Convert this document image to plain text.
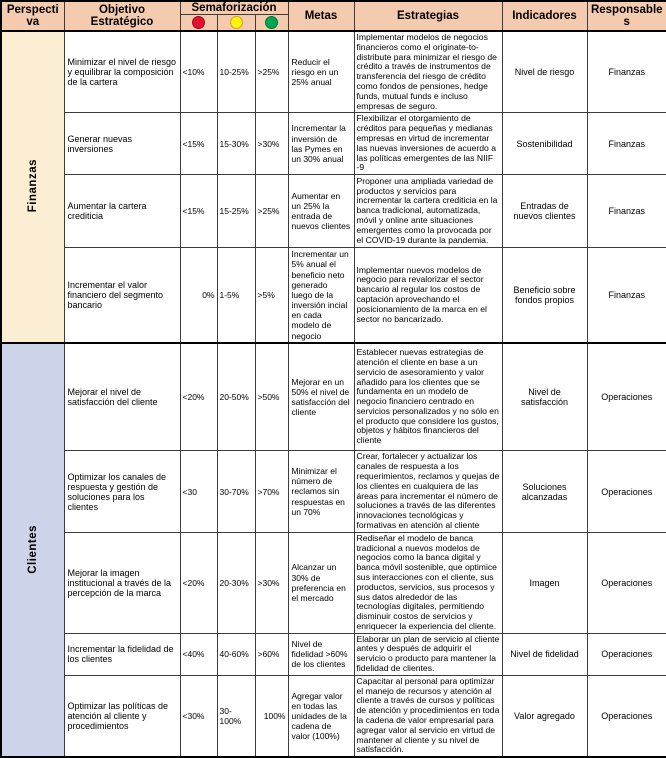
Perspectiva	Objetivo Estratégico	Semaforización			Metas	Estrategias	Indicadores	Responsables

Finanzas	Minimizar el nivel de riesgo y equilibrar la composición de la cartera	<10%	10-25%	>25%	Reducir el riesgo en un 25% anual	Implementar modelos de negocios financieros como el originate-to-distribute para minimizar el riesgo de crédito a través de instrumentos de transferencia del riesgo de crédito como fondos de pensiones, hedge funds, mutual funds e incluso empresas de seguro.	Nivel de riesgo	Finanzas
	Generar nuevas inversiones	<15%	15-30%	>30%	Incrementar la inversión de las Pymes en un 30% anual	Flexibilizar el otorgamiento de créditos para pequeñas y medianas empresas en virtud de incrementar las nuevas inversiones de acuerdo a las políticas emergentes de las NIIF -9	Sostenibilidad	Finanzas
	Aumentar la cartera crediticia	<15%	15-25%	>25%	Aumentar en un 25% la entrada de nuevos clientes	Proponer una ampliada variedad de productos y servicios para incrementar la cartera crediticia en la banca tradicional, automatizada, móvil y online ante situaciones emergentes como la provocada por el COVID-19 durante la pandemia.	Entradas de nuevos clientes	Finanzas
	Incrementar el valor financiero del segmento bancario	0%	1-5%	>5%	Incrementar un 5% anual el beneficio neto generado luego de la inversión incial en cada modelo de negocio	Implementar nuevos modelos de negocio para revalorizar el sector bancario al regular los costos de captación aprovechando el posicionamiento de la marca en el sector no bancarizado.	Beneficio sobre fondos propios	Finanzas
Clientes	Mejorar el nivel de satisfacción del cliente	<20%	20-50%	>50%	Mejorar en un 50% el nivel de satisfacción del cliente	Establecer nuevas estrategias de atención el cliente en base a un servicio de asesoramiento y valor añadido para los clientes que se fundamenta en un modelo de negocio financiero centrado en servicios personalizados y no sólo en el producto que considere los gustos, objetos y hábitos financieros del cliente	Nivel de satisfacción	Operaciones
	Optimizar los canales de respuesta y gestión de soluciones para los clientes	<30	30-70%	>70%	Minimizar el número de reclamos sin respuestas en un 70%	Crear, fortalecer y actualizar los canales de respuesta a los requerimientos, reclamos y quejas de los clientes en cualquiera de las áreas para incrementar el número de soluciones a través de las diferentes innovaciones tecnológicas y formativas en atención al cliente	Soluciones alcanzadas	Operaciones
	Mejorar la imagen institucional a través de la percepción de la marca	<20%	20-30%	>30%	Alcanzar un 30% de preferencia en el mercado	Rediseñar el modelo de banca tradicional a nuevos modelos de negocios como la banca digital y banca móvil sostenible, que optimice sus interacciones con el cliente, sus productos, servicios, sus procesos y sus datos alrededor de las tecnologías digitales, permitiendo disminuir costos de servicios y enriquecer la experiencia del cliente.	Imagen	Operaciones
	Incrementar la fidelidad de los clientes	<40%	40-60%	>60%	Nivel de fidelidad >60% de los clientes	Elaborar un plan de servicio al cliente antes y después de adquirir el servicio o producto para mantener la fidelidad de clientes.	Nivel de fidelidad	Operaciones
	Optimizar las políticas de atención al cliente y procedimientos	<30%	30-100%	100%	Agregar valor en todas las unidades de la cadena de valor (100%)	Capacitar al personal para optimizar el manejo de recursos y atención al cliente a través de cursos y políticas de atención y procedimientos en toda la cadena de valor empresarial para agregar valor al servicio en virtud de mantener al cliente y su nivel de satisfacción.	Valor agregado	Operaciones
